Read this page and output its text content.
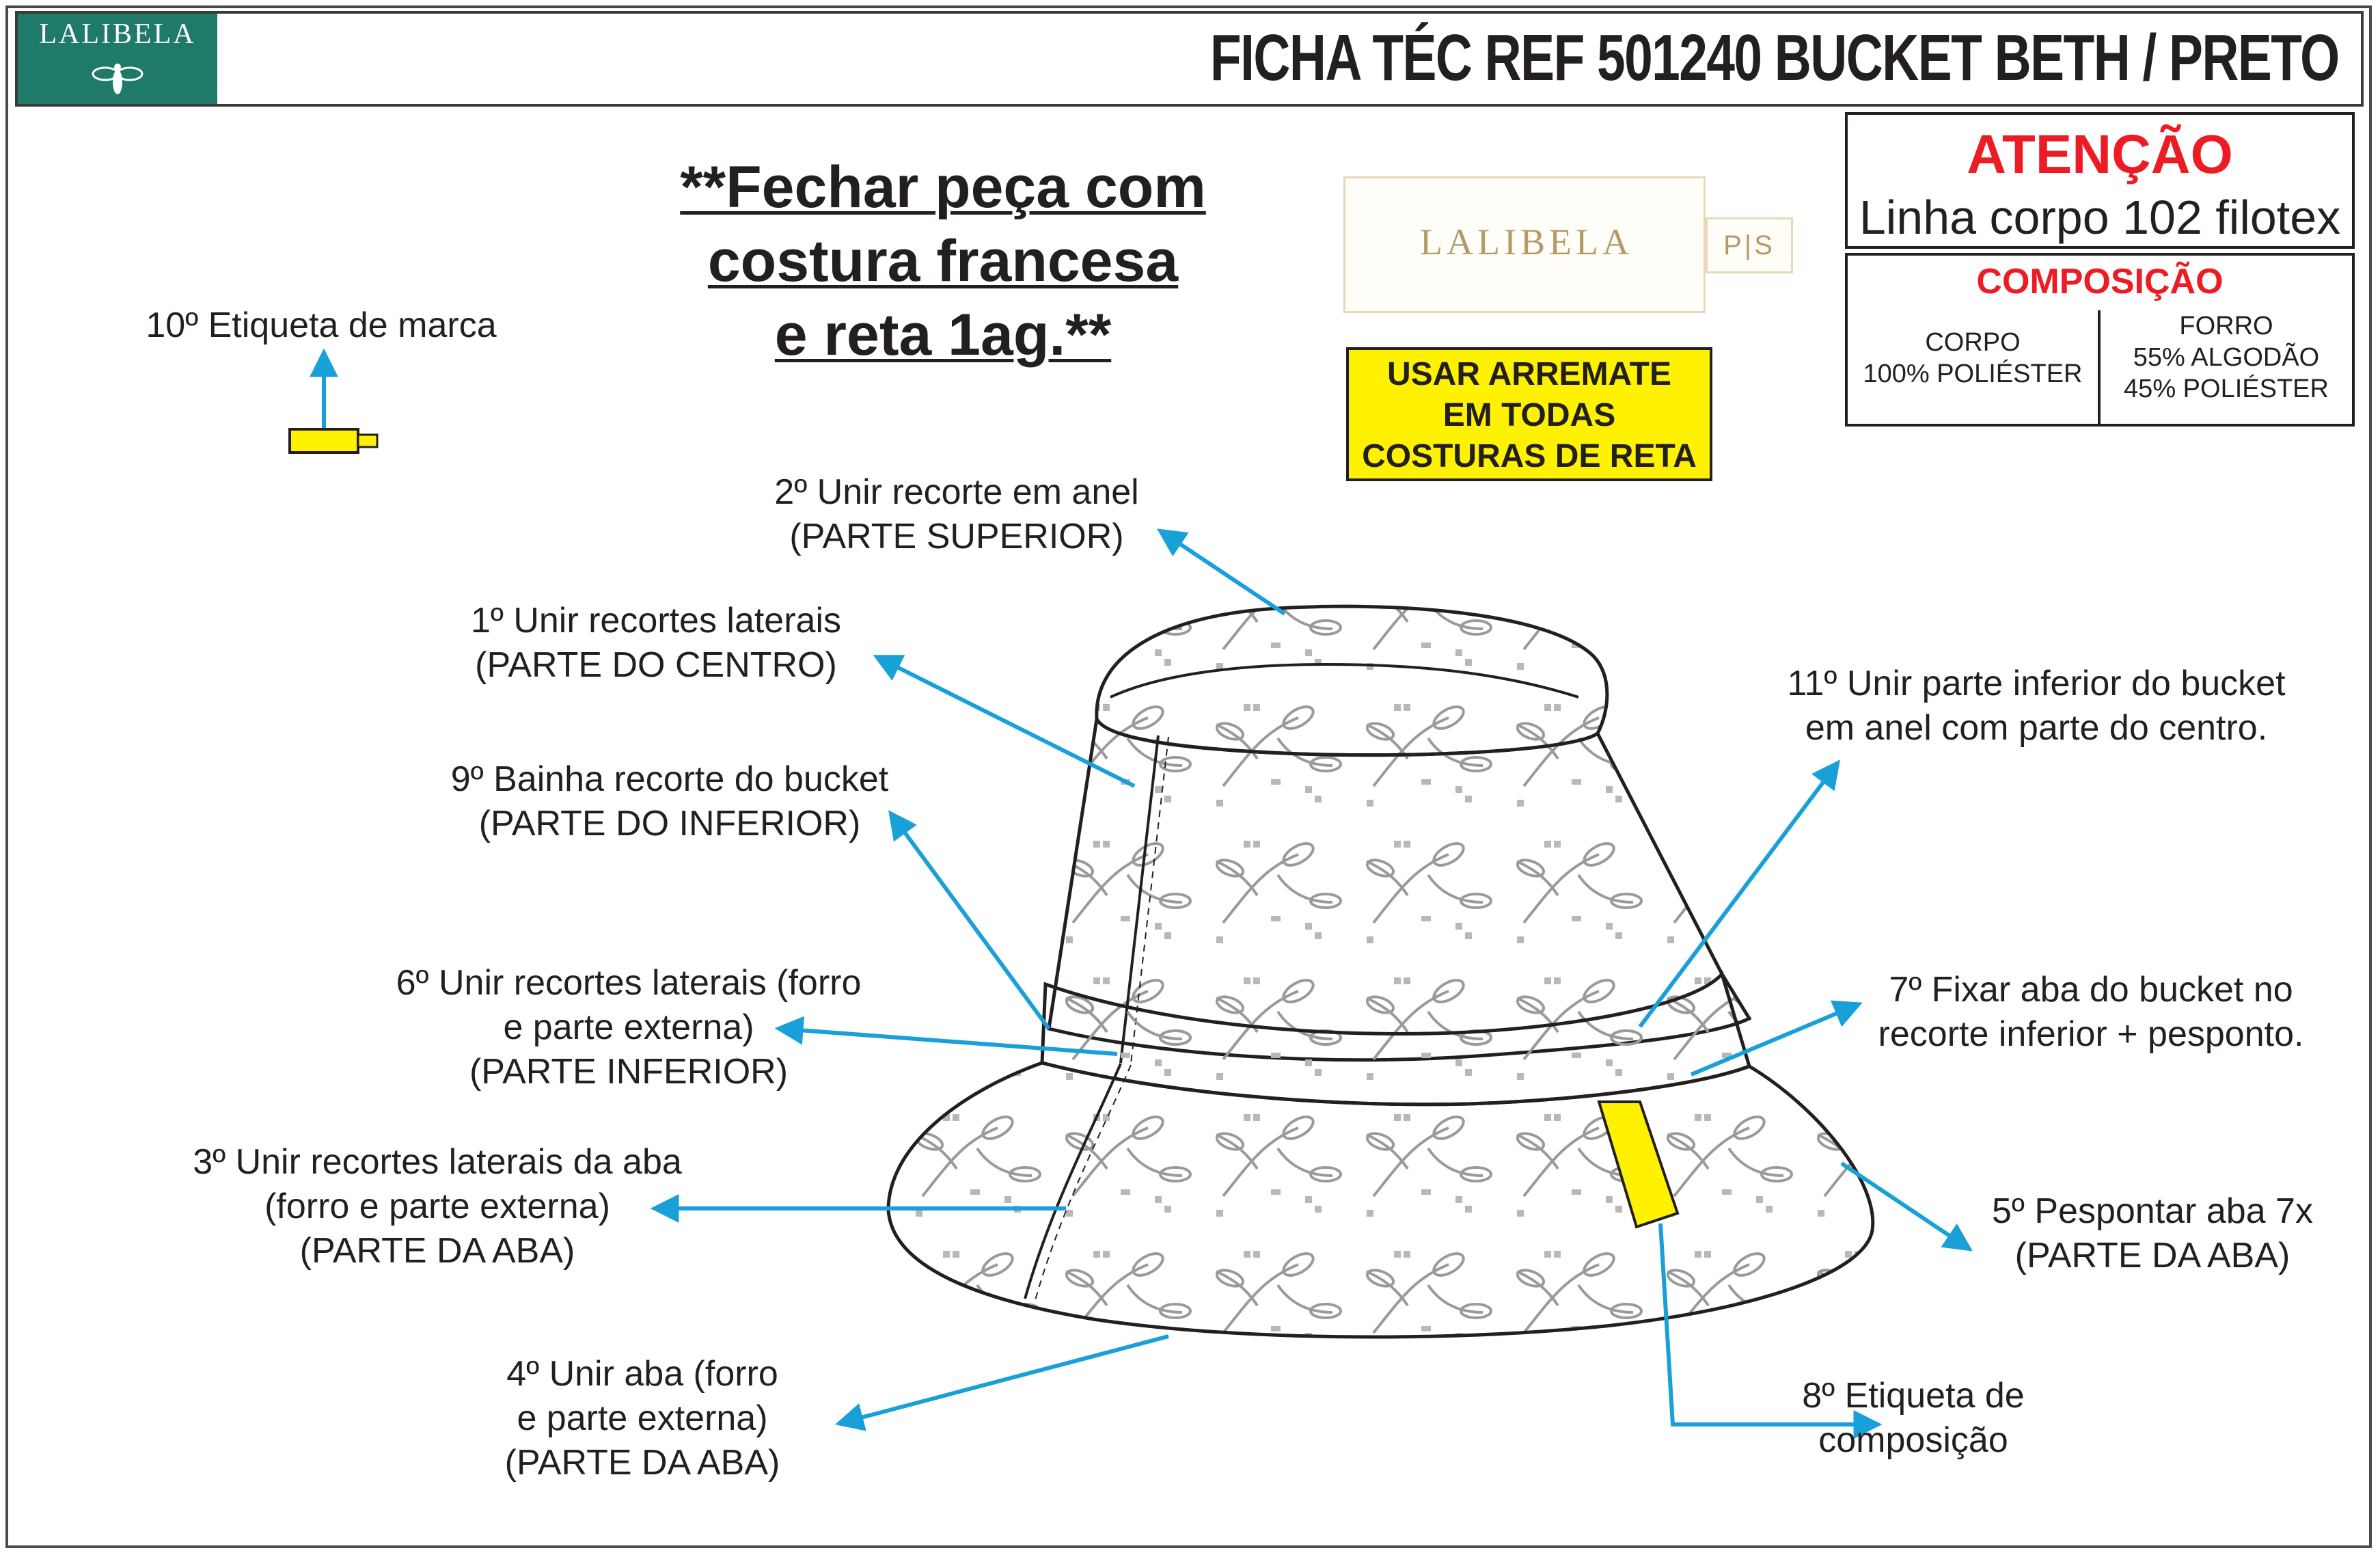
LALIBELA	FICHA TÉC REF 501240 BUCKET BETH / PRETO
**Fechar peça com
costura francesa
e reta 1ag.**
LALIBELA	P|S
USAR ARREMATE
EM TODAS
COSTURAS DE RETA
ATENÇÃO
Linha corpo 102 filotex
COMPOSIÇÃO
CORPO
100% POLIÉSTER
FORRO
55% ALGODÃO
45% POLIÉSTER
2º Unir recorte em anel
(PARTE SUPERIOR)
1º Unir recortes laterais
(PARTE DO CENTRO)
9º Bainha recorte do bucket
(PARTE DO INFERIOR)
6º Unir recortes laterais (forro
e parte externa)
(PARTE INFERIOR)
3º Unir recortes laterais da aba
(forro e parte externa)
(PARTE DA ABA)
4º Unir aba (forro
e parte externa)
(PARTE DA ABA)
11º Unir parte inferior do bucket
em anel com parte do centro.
7º Fixar aba do bucket no
recorte inferior + pesponto.
5º Pespontar aba 7x
(PARTE DA ABA)
8º Etiqueta de
composição
10º Etiqueta de marca
